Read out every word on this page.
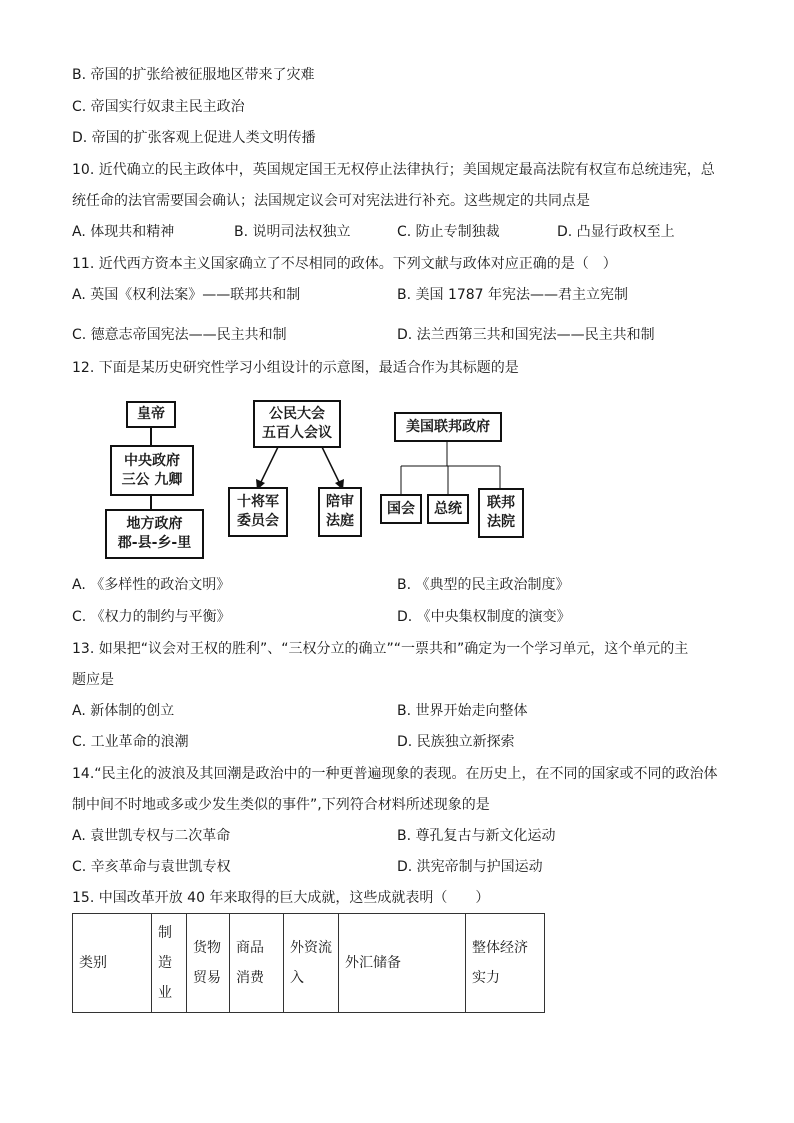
B. 帝国的扩张给被征服地区带来了灾难
C. 帝国实行奴隶主民主政治
D. 帝国的扩张客观上促进人类文明传播
10. 近代确立的民主政体中，英国规定国王无权停止法律执行；美国规定最高法院有权宣布总统违宪，总
统任命的法官需要国会确认；法国规定议会可对宪法进行补充。这些规定的共同点是
A. 体现共和精神	B. 说明司法权独立	C. 防止专制独裁	D. 凸显行政权至上
11. 近代西方资本主义国家确立了不尽相同的政体。下列文献与政体对应正确的是（　）
A. 英国《权利法案》——联邦共和制	B. 美国 1787 年宪法——君主立宪制
C. 德意志帝国宪法——民主共和制	D. 法兰西第三共和国宪法——民主共和制
12. 下面是某历史研究性学习小组设计的示意图，最适合作为其标题的是
皇帝
中央政府
三公 九卿
地方政府
郡-县-乡-里
公民大会
五百人会议
十将军
委员会
陪审
法庭
美国联邦政府
国会	总统	联邦
法院
A. 《多样性的政治文明》	B. 《典型的民主政治制度》
C. 《权力的制约与平衡》	D. 《中央集权制度的演变》
13. 如果把“议会对王权的胜利”、“三权分立的确立”“一票共和”确定为一个学习单元，这个单元的主
题应是
A. 新体制的创立	B. 世界开始走向整体
C. 工业革命的浪潮	D. 民族独立新探索
14.“民主化的波浪及其回潮是政治中的一种更普遍现象的表现。在历史上，在不同的国家或不同的政治体
制中间不时地或多或少发生类似的事件”,下列符合材料所述现象的是
A. 袁世凯专权与二次革命	B. 尊孔复古与新文化运动
C. 辛亥革命与袁世凯专权	D. 洪宪帝制与护国运动
15. 中国改革开放 40 年来取得的巨大成就，这些成就表明（　　）
类别	制造业	货物贸易	商品消费	外资流入	外汇储备	整体经济实力
